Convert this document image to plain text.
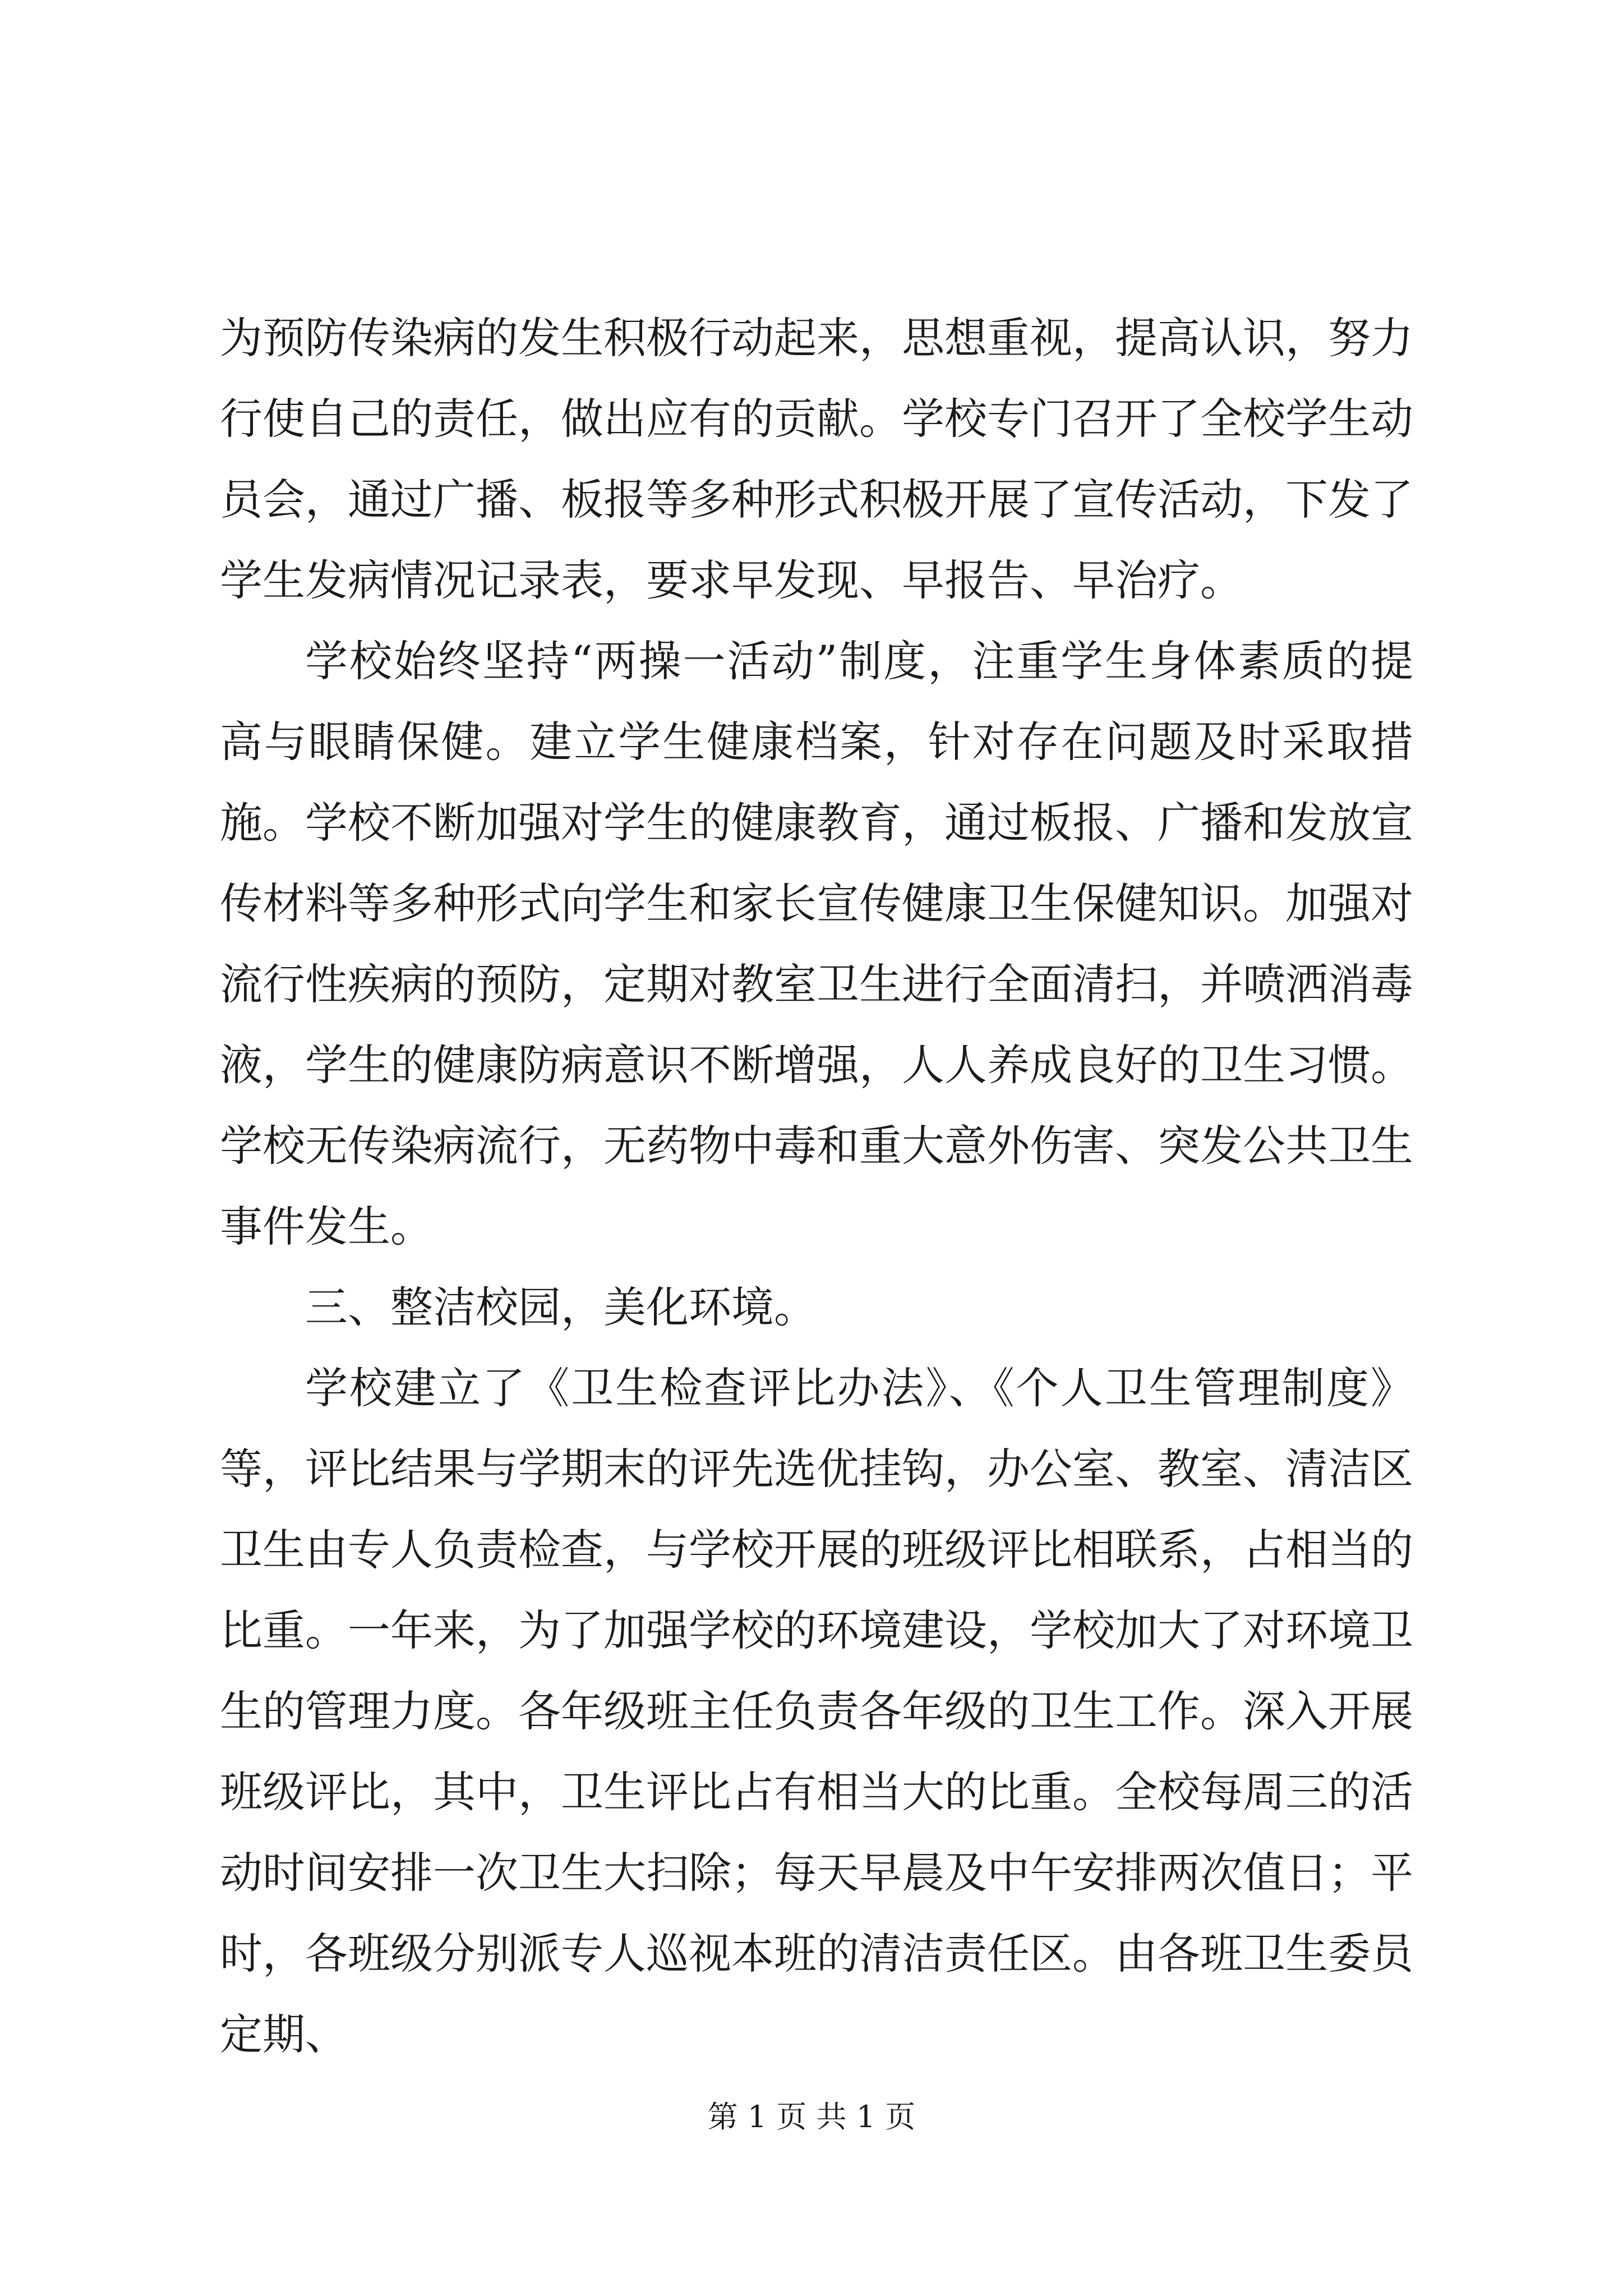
为预防传染病的发生积极行动起来，思想重视，提高认识，努力行使自己的责任，做出应有的贡献。学校专门召开了全校学生动员会，通过广播、板报等多种形式积极开展了宣传活动，下发了学生发病情况记录表，要求早发现、早报告、早治疗。

学校始终坚持“两操一活动”制度，注重学生身体素质的提高与眼睛保健。建立学生健康档案，针对存在问题及时采取措施。学校不断加强对学生的健康教育，通过板报、广播和发放宣传材料等多种形式向学生和家长宣传健康卫生保健知识。加强对流行性疾病的预防，定期对教室卫生进行全面清扫，并喷洒消毒液，学生的健康防病意识不断增强，人人养成良好的卫生习惯。学校无传染病流行，无药物中毒和重大意外伤害、突发公共卫生事件发生。

三、整洁校园，美化环境。

学校建立了《卫生检查评比办法》、《个人卫生管理制度》等，评比结果与学期末的评先选优挂钩，办公室、教室、清洁区卫生由专人负责检查，与学校开展的班级评比相联系，占相当的比重。一年来，为了加强学校的环境建设，学校加大了对环境卫生的管理力度。各年级班主任负责各年级的卫生工作。深入开展班级评比，其中，卫生评比占有相当大的比重。全校每周三的活动时间安排一次卫生大扫除；每天早晨及中午安排两次值日；平时，各班级分别派专人巡视本班的清洁责任区。由各班卫生委员定期、

第 1 页 共 1 页
